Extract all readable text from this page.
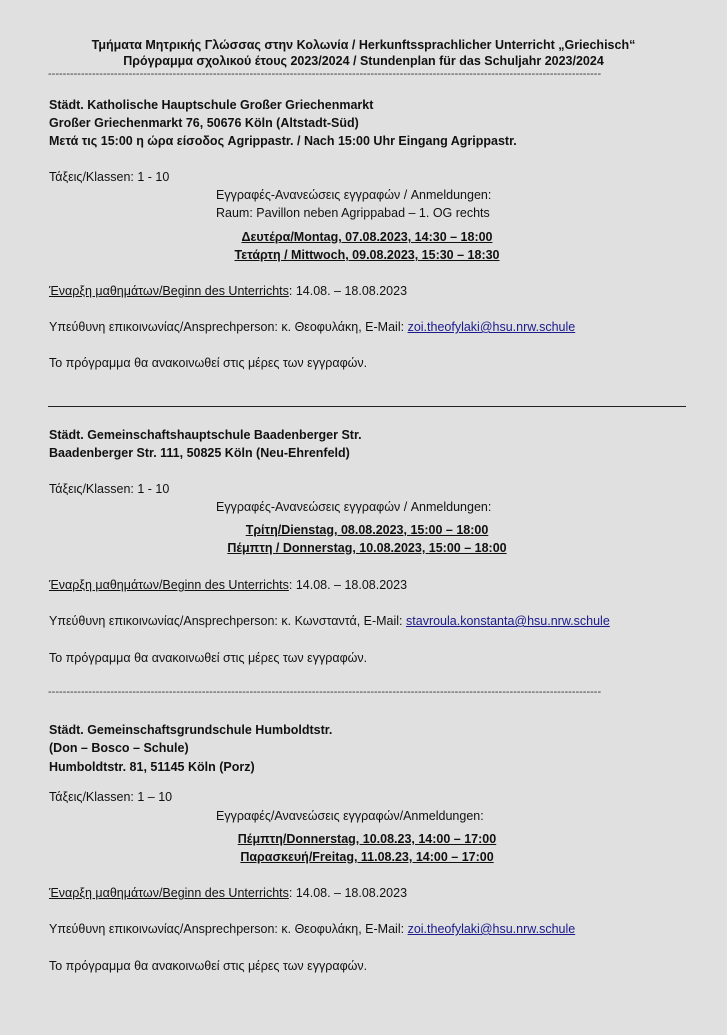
Τμήματα Μητρικής Γλώσσας στην Κολωνία / Herkunftssprachlicher Unterricht „Griechisch“
Πρόγραμμα σχολικού έτους 2023/2024 / Stundenplan für das Schuljahr 2023/2024
-------------------------------------------------------------------------------------------------------------------------------------------------------
Städt. Katholische Hauptschule Großer Griechenmarkt
Großer Griechenmarkt 76, 50676 Köln (Altstadt-Süd)
Μετά τις 15:00 η ώρα είσοδος Agrippastr. / Nach 15:00 Uhr Eingang Agrippastr.
Τάξεις/Klassen: 1 - 10
Εγγραφές-Ανανεώσεις εγγραφών / Anmeldungen:
Raum: Pavillon neben Agrippabad – 1. OG rechts
Δευτέρα/Montag, 07.08.2023, 14:30 – 18:00
Τετάρτη / Mittwoch, 09.08.2023, 15:30 – 18:30
Έναρξη μαθημάτων/Beginn des Unterrichts: 14.08. – 18.08.2023
Υπεύθυνη επικοινωνίας/Ansprechperson: κ. Θεοφυλάκη, E-Mail: zoi.theofylaki@hsu.nrw.schule
Το πρόγραμμα θα ανακοινωθεί στις μέρες των εγγραφών.
Städt. Gemeinschaftshauptschule Baadenberger Str.
Baadenberger Str. 111, 50825 Köln (Neu-Ehrenfeld)
Τάξεις/Klassen: 1 - 10
Εγγραφές-Ανανεώσεις εγγραφών / Anmeldungen:
Τρίτη/Dienstag, 08.08.2023, 15:00 – 18:00
Πέμπτη / Donnerstag, 10.08.2023, 15:00 – 18:00
Έναρξη μαθημάτων/Beginn des Unterrichts: 14.08. – 18.08.2023
Υπεύθυνη επικοινωνίας/Ansprechperson: κ. Κωνσταντά, E-Mail: stavroula.konstanta@hsu.nrw.schule
Το πρόγραμμα θα ανακοινωθεί στις μέρες των εγγραφών.
-------------------------------------------------------------------------------------------------------------------------------------------------------
Städt. Gemeinschaftsgrundschule Humboldtstr.
(Don – Bosco – Schule)
Humboldtstr. 81, 51145 Köln (Porz)
Τάξεις/Klassen: 1 – 10
Εγγραφές/Ανανεώσεις εγγραφών/Anmeldungen:
Πέμπτη/Donnerstag, 10.08.23, 14:00 – 17:00
Παρασκευή/Freitag, 11.08.23, 14:00 – 17:00
Έναρξη μαθημάτων/Beginn des Unterrichts: 14.08. – 18.08.2023
Υπεύθυνη επικοινωνίας/Ansprechperson: κ. Θεοφυλάκη, E-Mail: zoi.theofylaki@hsu.nrw.schule
Το πρόγραμμα θα ανακοινωθεί στις μέρες των εγγραφών.
